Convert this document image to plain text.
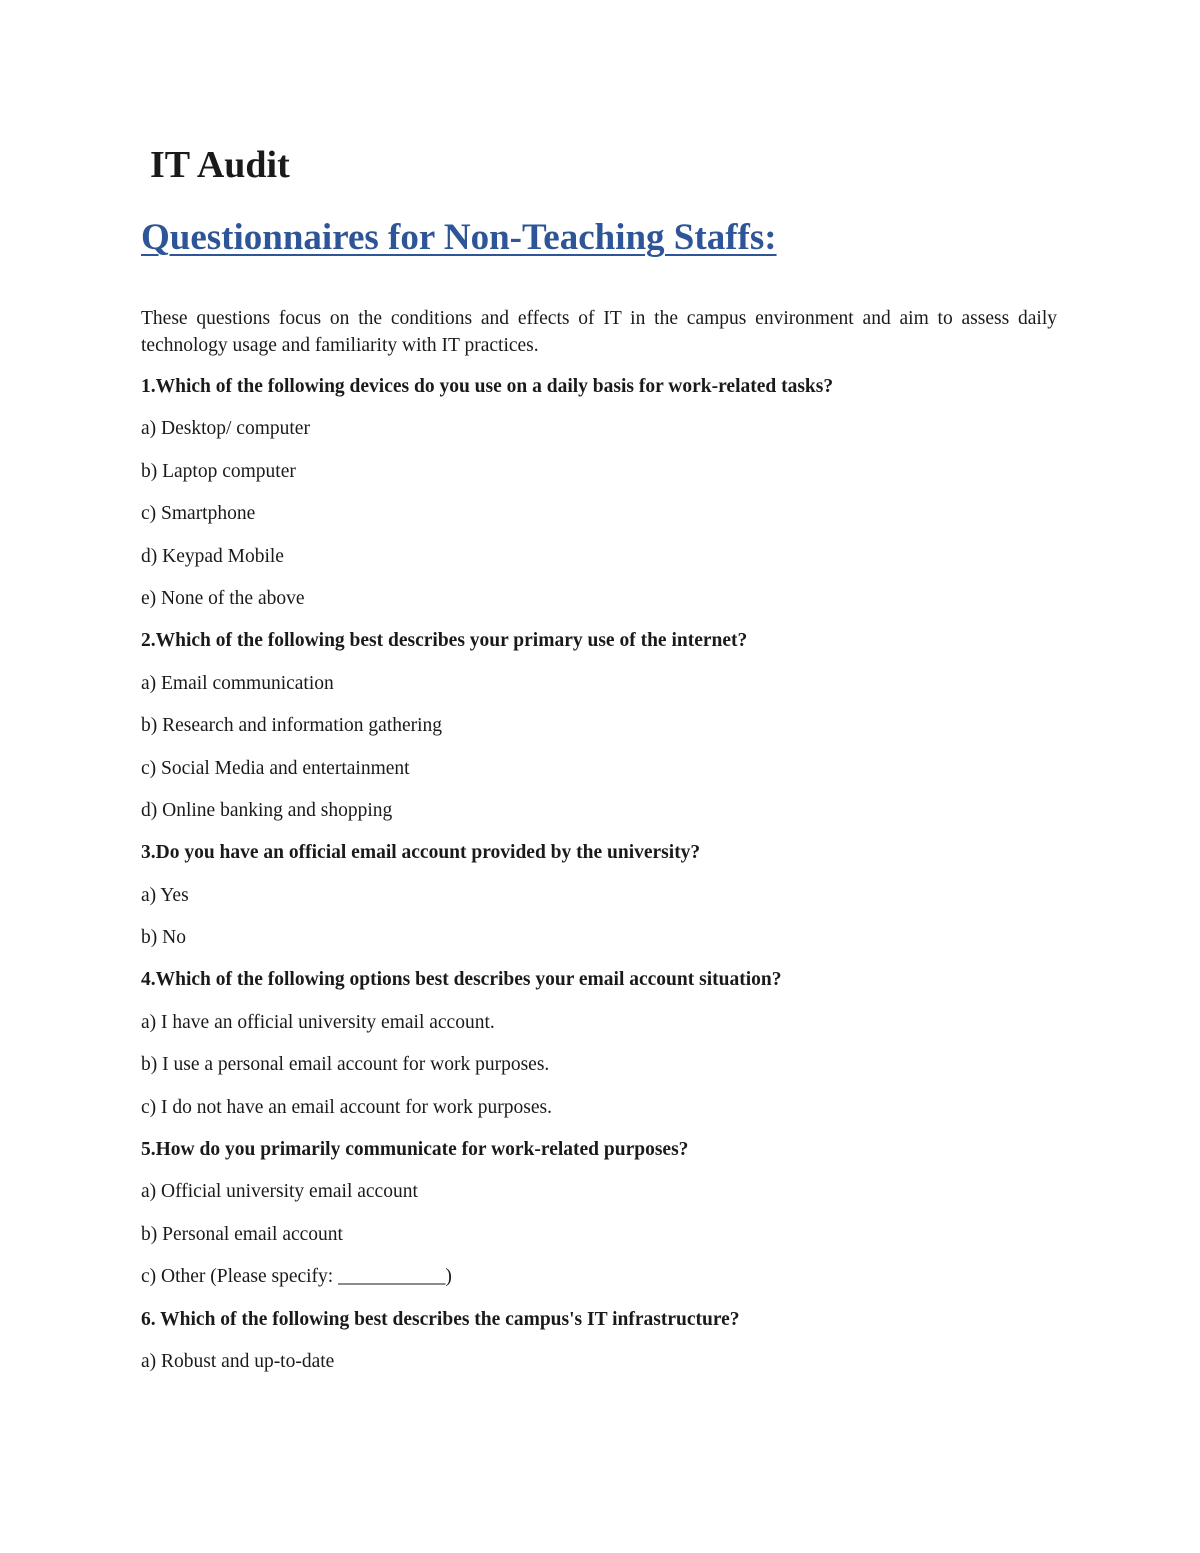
IT Audit
Questionnaires for Non-Teaching Staffs:

These questions focus on the conditions and effects of IT in the campus environment and aim to assess daily technology usage and familiarity with IT practices.

1.Which of the following devices do you use on a daily basis for work-related tasks?
a) Desktop/ computer
b) Laptop computer
c) Smartphone
d) Keypad Mobile
e) None of the above
2.Which of the following best describes your primary use of the internet?
a) Email communication
b) Research and information gathering
c) Social Media and entertainment
d) Online banking and shopping
3.Do you have an official email account provided by the university?
a) Yes
b) No
4.Which of the following options best describes your email account situation?
a) I have an official university email account.
b) I use a personal email account for work purposes.
c) I do not have an email account for work purposes.
5.How do you primarily communicate for work-related purposes?
a) Official university email account
b) Personal email account
c) Other (Please specify: ___________)
6. Which of the following best describes the campus's IT infrastructure?
a) Robust and up-to-date
